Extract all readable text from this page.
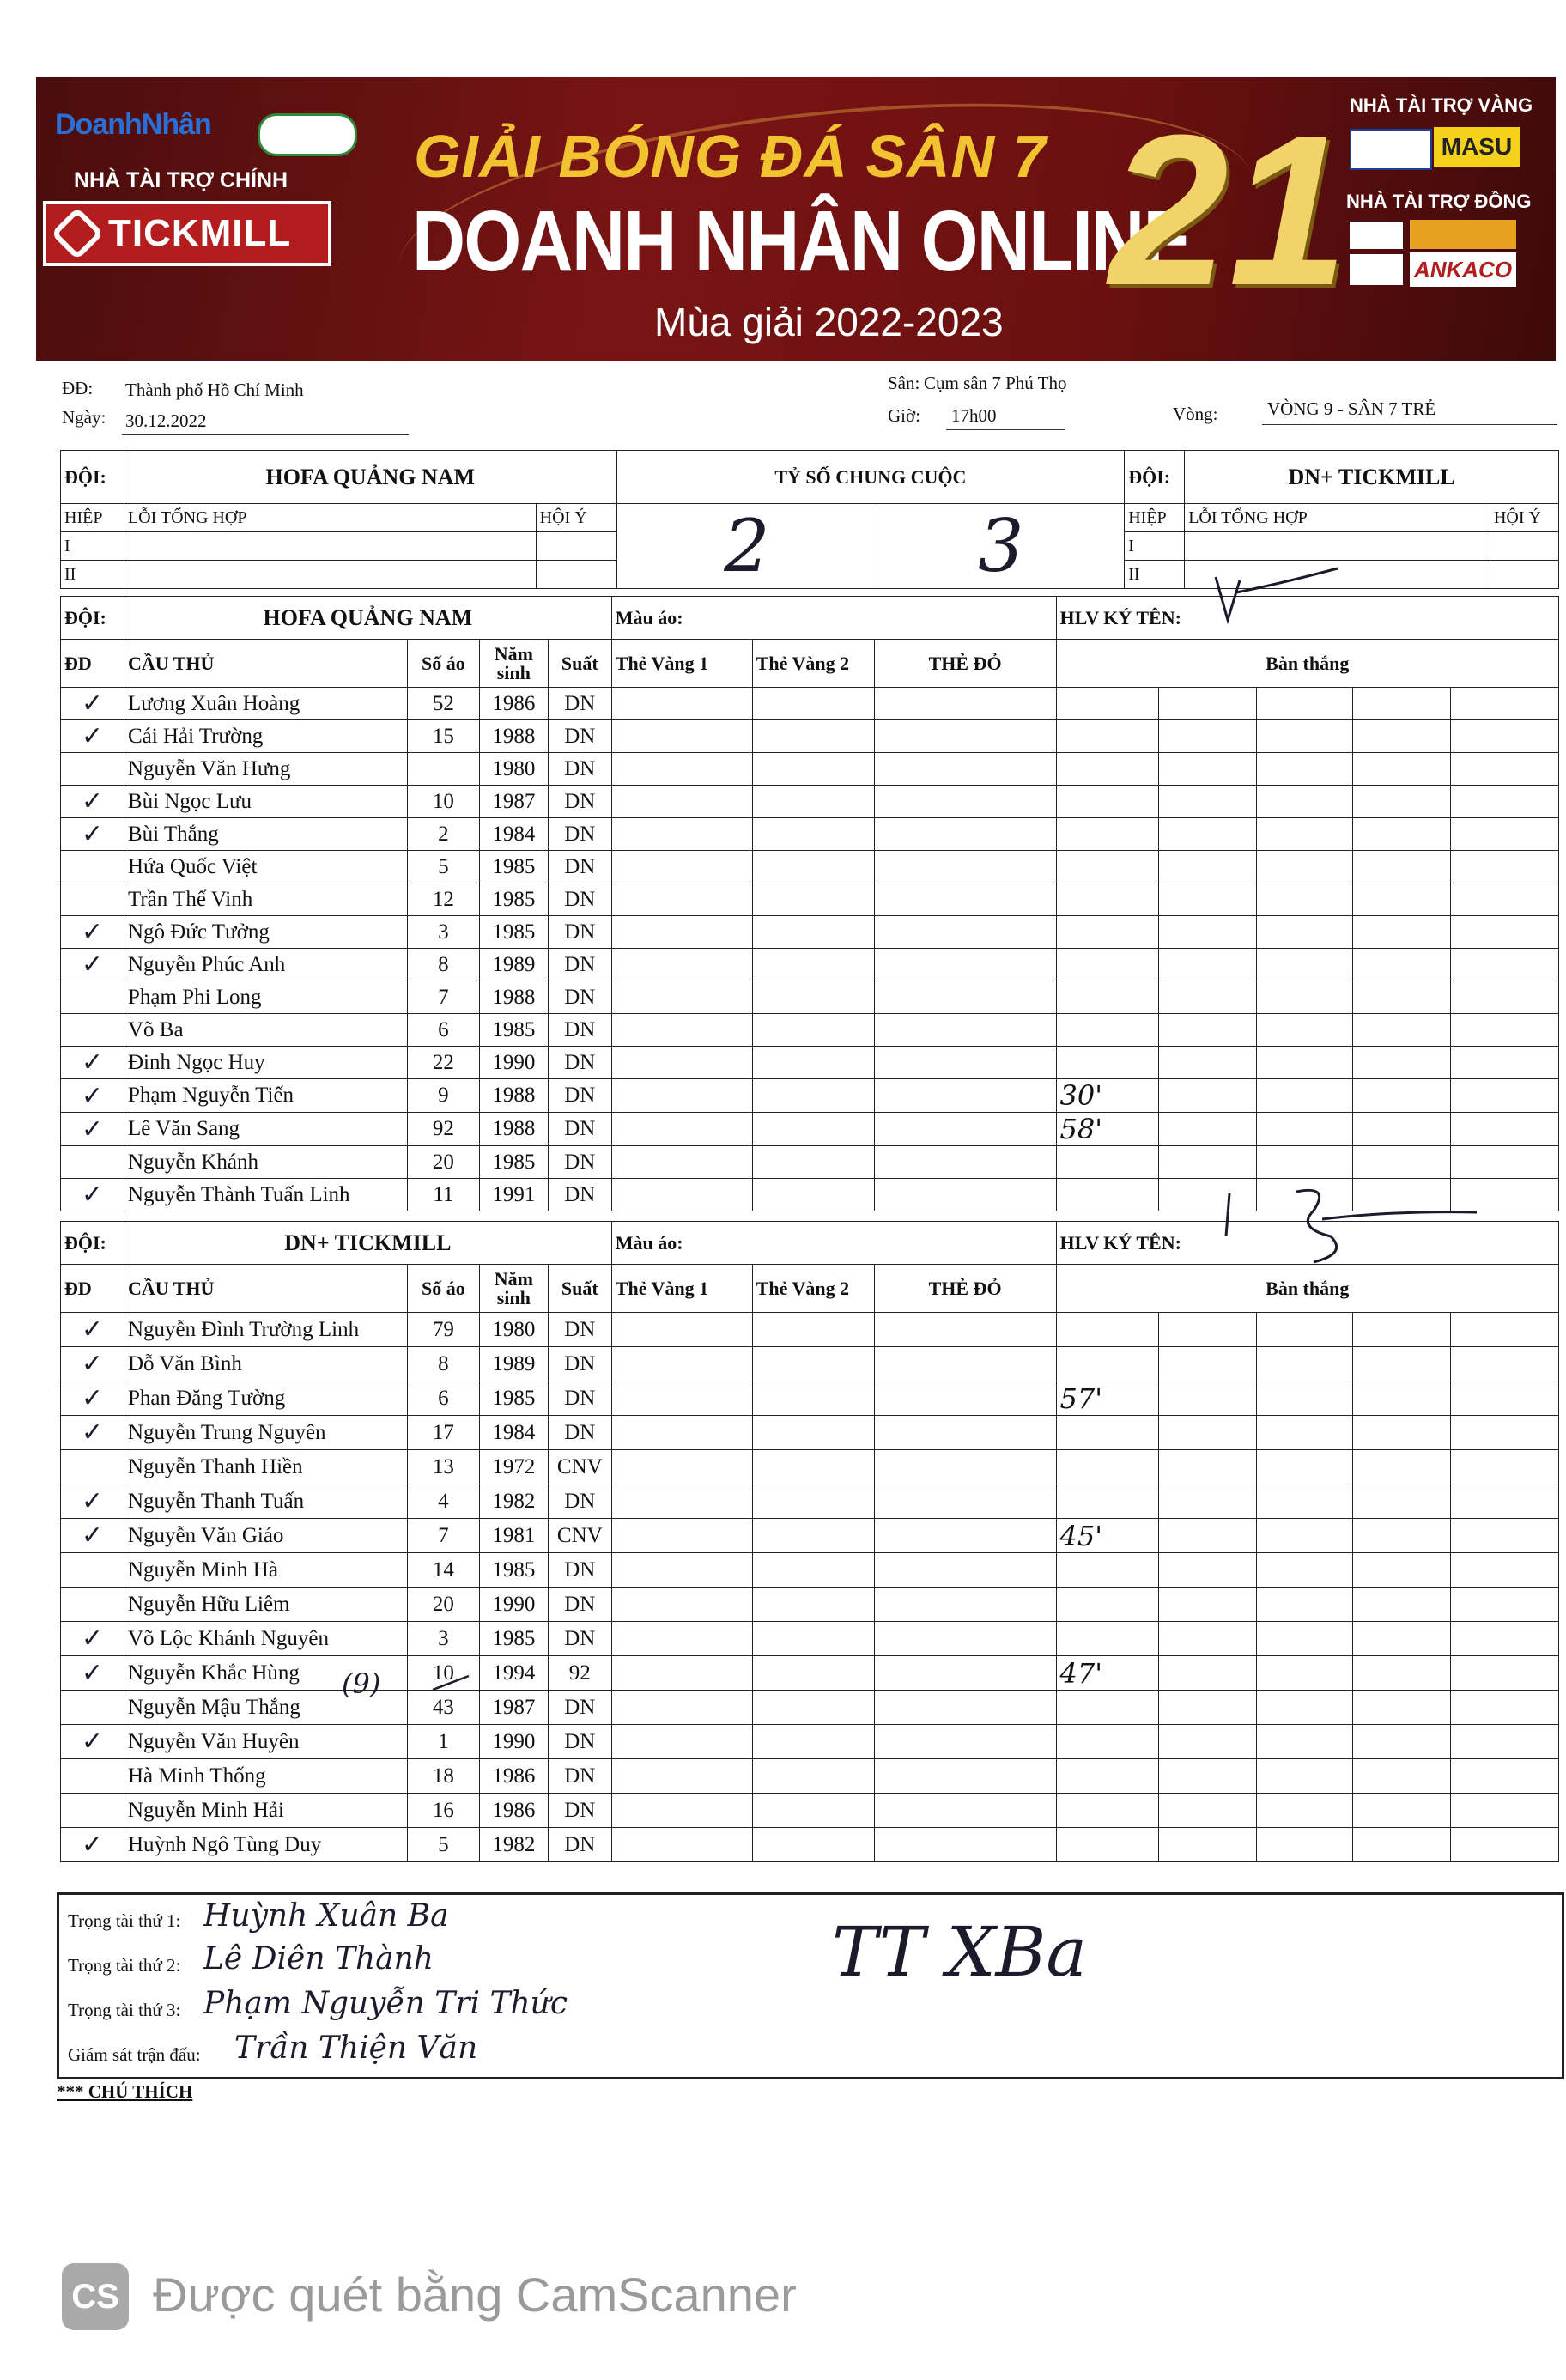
DoanhNhân
NHÀ TÀI TRỢ CHÍNH
TICKMILL
GIẢI BÓNG ĐÁ SÂN 7
DOANH NHÂN ONLINE
Mùa giải 2022-2023 21 NHÀ TÀI TRỢ VÀNG
MASU
NHÀ TÀI TRỢ ĐỒNG
ANKACO
ĐĐ: Thành phố Hồ Chí Minh
Ngày: 30.12.2022
Sân: Cụm sân 7 Phú Thọ
Giờ: 17h00	Vòng:	VÒNG 9 - SÂN 7 TRẺ
ĐỘI:	HOFA QUẢNG NAM		TỶ SỐ CHUNG CUỘC		ĐỘI:	DN+ TICKMILL	
HIỆP	LỖI TỔNG HỢP	HỘI Ý	2	3	HIỆP	LỖI TỔNG HỢP	HỘI Ý
I					I		
II					II		
ĐỘI:	HOFA QUẢNG NAM				Màu áo:			HLV KÝ TÊN:				
ĐD	CẦU THỦ	Số áo	Năm sinh	Suất	Thẻ Vàng 1	Thẻ Vàng 2	THẺ ĐỎ	Bàn thắng				
✓	Lương Xuân Hoàng	52	1986	DN								
✓	Cái Hải Trường	15	1988	DN								
	Nguyễn Văn Hưng		1980	DN								
✓	Bùi Ngọc Lưu	10	1987	DN								
✓	Bùi Thắng	2	1984	DN								
	Hứa Quốc Việt	5	1985	DN								
	Trần Thế Vinh	12	1985	DN								
✓	Ngô Đức Tưởng	3	1985	DN								
✓	Nguyễn Phúc Anh	8	1989	DN								
	Phạm Phi Long	7	1988	DN								
	Võ Ba	6	1985	DN								
✓	Đinh Ngọc Huy	22	1990	DN								
✓	Phạm Nguyễn Tiến	9	1988	DN				30'				
✓	Lê Văn Sang	92	1988	DN				58'				
	Nguyễn Khánh	20	1985	DN								
✓	Nguyễn Thành Tuấn Linh	11	1991	DN								
ĐỘI:	DN+ TICKMILL				Màu áo:			HLV KÝ TÊN:				
ĐD	CẦU THỦ	Số áo	Năm sinh	Suất	Thẻ Vàng 1	Thẻ Vàng 2	THẺ ĐỎ	Bàn thắng				
✓	Nguyễn Đình Trường Linh	79	1980	DN								
✓	Đỗ Văn Bình	8	1989	DN								
✓	Phan Đăng Tường	6	1985	DN				57'				
✓	Nguyễn Trung Nguyên	17	1984	DN								
	Nguyễn Thanh Hiền	13	1972	CNV								
✓	Nguyễn Thanh Tuấn	4	1982	DN								
✓	Nguyễn Văn Giáo	7	1981	CNV				45'				
	Nguyễn Minh Hà	14	1985	DN								
	Nguyễn Hữu Liêm	20	1990	DN								
✓	Võ Lộc Khánh Nguyên	3	1985	DN								
✓	Nguyễn Khắc Hùng	10	1994	92				47'				
	Nguyễn Mậu Thắng	43	1987	DN								
✓	Nguyễn Văn Huyên	1	1990	DN								
	Hà Minh Thống	18	1986	DN								
	Nguyễn Minh Hải	16	1986	DN								
✓	Huỳnh Ngô Tùng Duy	5	1982	DN								
(9)
Trọng tài thứ 1: Huỳnh Xuân Ba
Trọng tài thứ 2: Lê Diên Thành
Trọng tài thứ 3: Phạm Nguyễn Tri Thức
Giám sát trận đấu: Trần Thiện Văn
TT XBa
*** CHÚ THÍCH
CS Được quét bằng CamScanner
